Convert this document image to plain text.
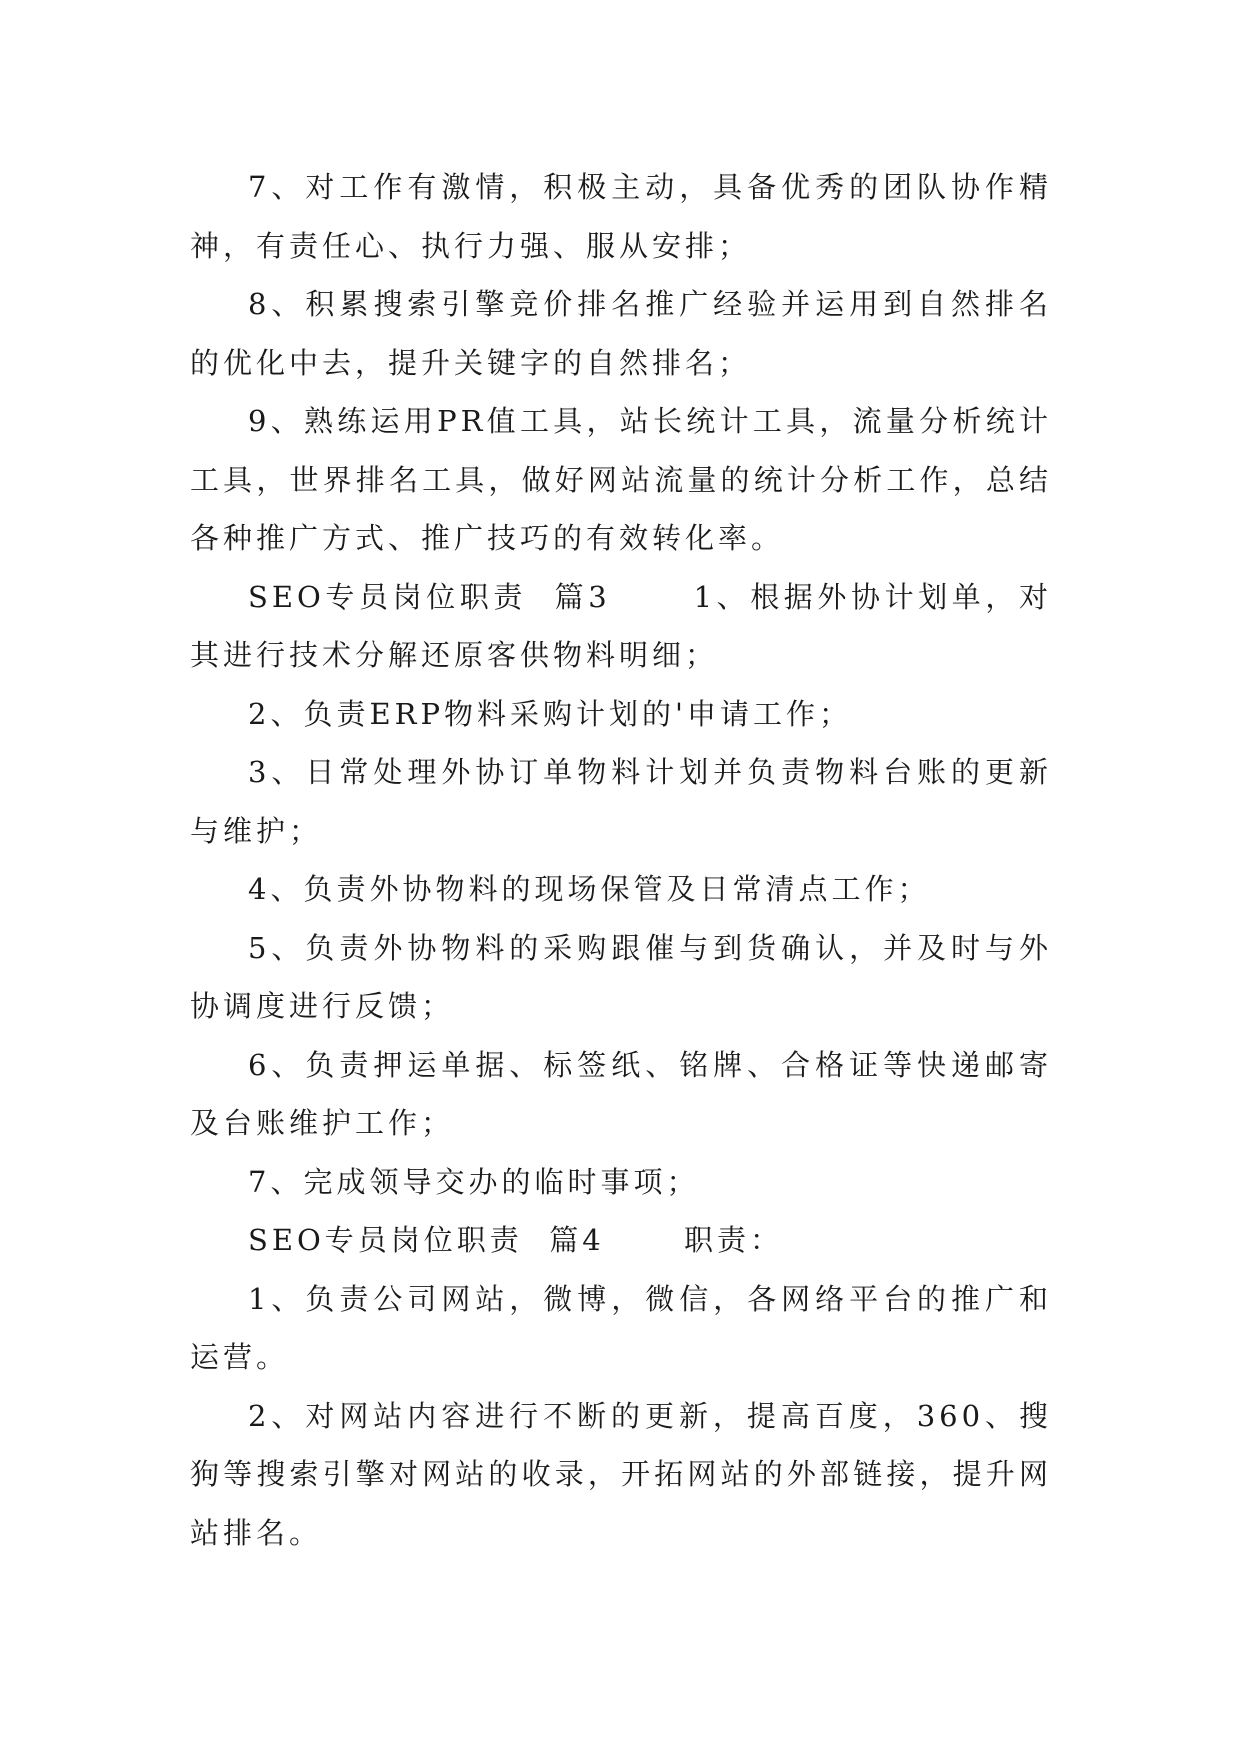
7、对工作有激情，积极主动，具备优秀的团队协作精神，有责任心、执行力强、服从安排；

8、积累搜索引擎竞价排名推广经验并运用到自然排名的优化中去，提升关键字的自然排名；

9、熟练运用PR值工具，站长统计工具，流量分析统计工具，世界排名工具，做好网站流量的统计分析工作，总结各种推广方式、推广技巧的有效转化率。

SEO专员岗位职责  篇3      1、根据外协计划单，对其进行技术分解还原客供物料明细；

2、负责ERP物料采购计划的'申请工作；

3、日常处理外协订单物料计划并负责物料台账的更新与维护；

4、负责外协物料的现场保管及日常清点工作；

5、负责外协物料的采购跟催与到货确认，并及时与外协调度进行反馈；

6、负责押运单据、标签纸、铭牌、合格证等快递邮寄及台账维护工作；

7、完成领导交办的临时事项；

SEO专员岗位职责  篇4      职责：

1、负责公司网站，微博，微信，各网络平台的推广和运营。

2、对网站内容进行不断的更新，提高百度，360、搜狗等搜索引擎对网站的收录，开拓网站的外部链接，提升网站排名。
